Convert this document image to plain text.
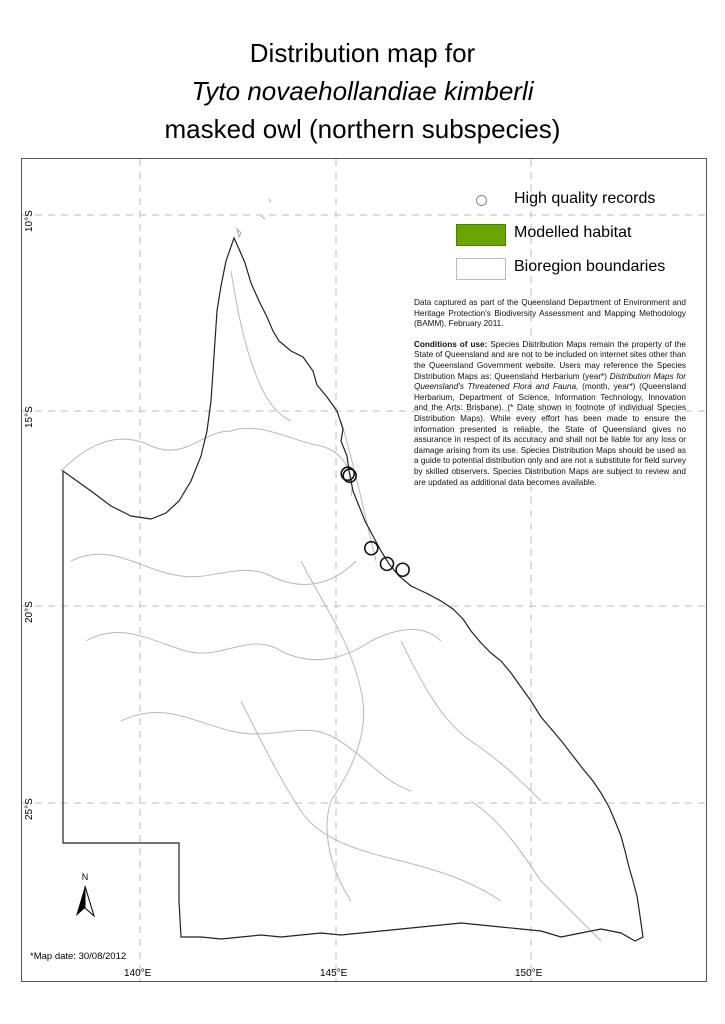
Distribution map for
Tyto novaehollandiae kimberli
masked owl (northern subspecies)
10°S
15°S
20°S
25°S
140°E	145°E	150°E
High quality records
Modelled habitat
Bioregion boundaries

Data captured as part of the Queensland Department of Environment and Heritage Protection's Biodiversity Assessment and Mapping Methodology (BAMM), February 2011.

Conditions of use: Species Distribution Maps remain the property of the State of Queensland and are not to be included on internet sites other than the Queensland Government website. Users may reference the Species Distribution Maps as: Queensland Herbarium (year*) Distribution Maps for Queensland's Threatened Flora and Fauna, (month, year*) (Queensland Herbarium, Department of Science, Information Technology, Innovation and the Arts: Brisbane). (* Date shown in footnote of individual Species Distribution Maps). While every effort has been made to ensure the information presented is reliable, the State of Queensland gives no assurance in respect of its accuracy and shall not be liable for any loss or damage arising from its use. Species Distribution Maps should be used as a guide to potential distribution only and are not a substitute for field survey by skilled observers. Species Distribution Maps are subject to review and are updated as additional data becomes available.

N
*Map date: 30/08/2012
